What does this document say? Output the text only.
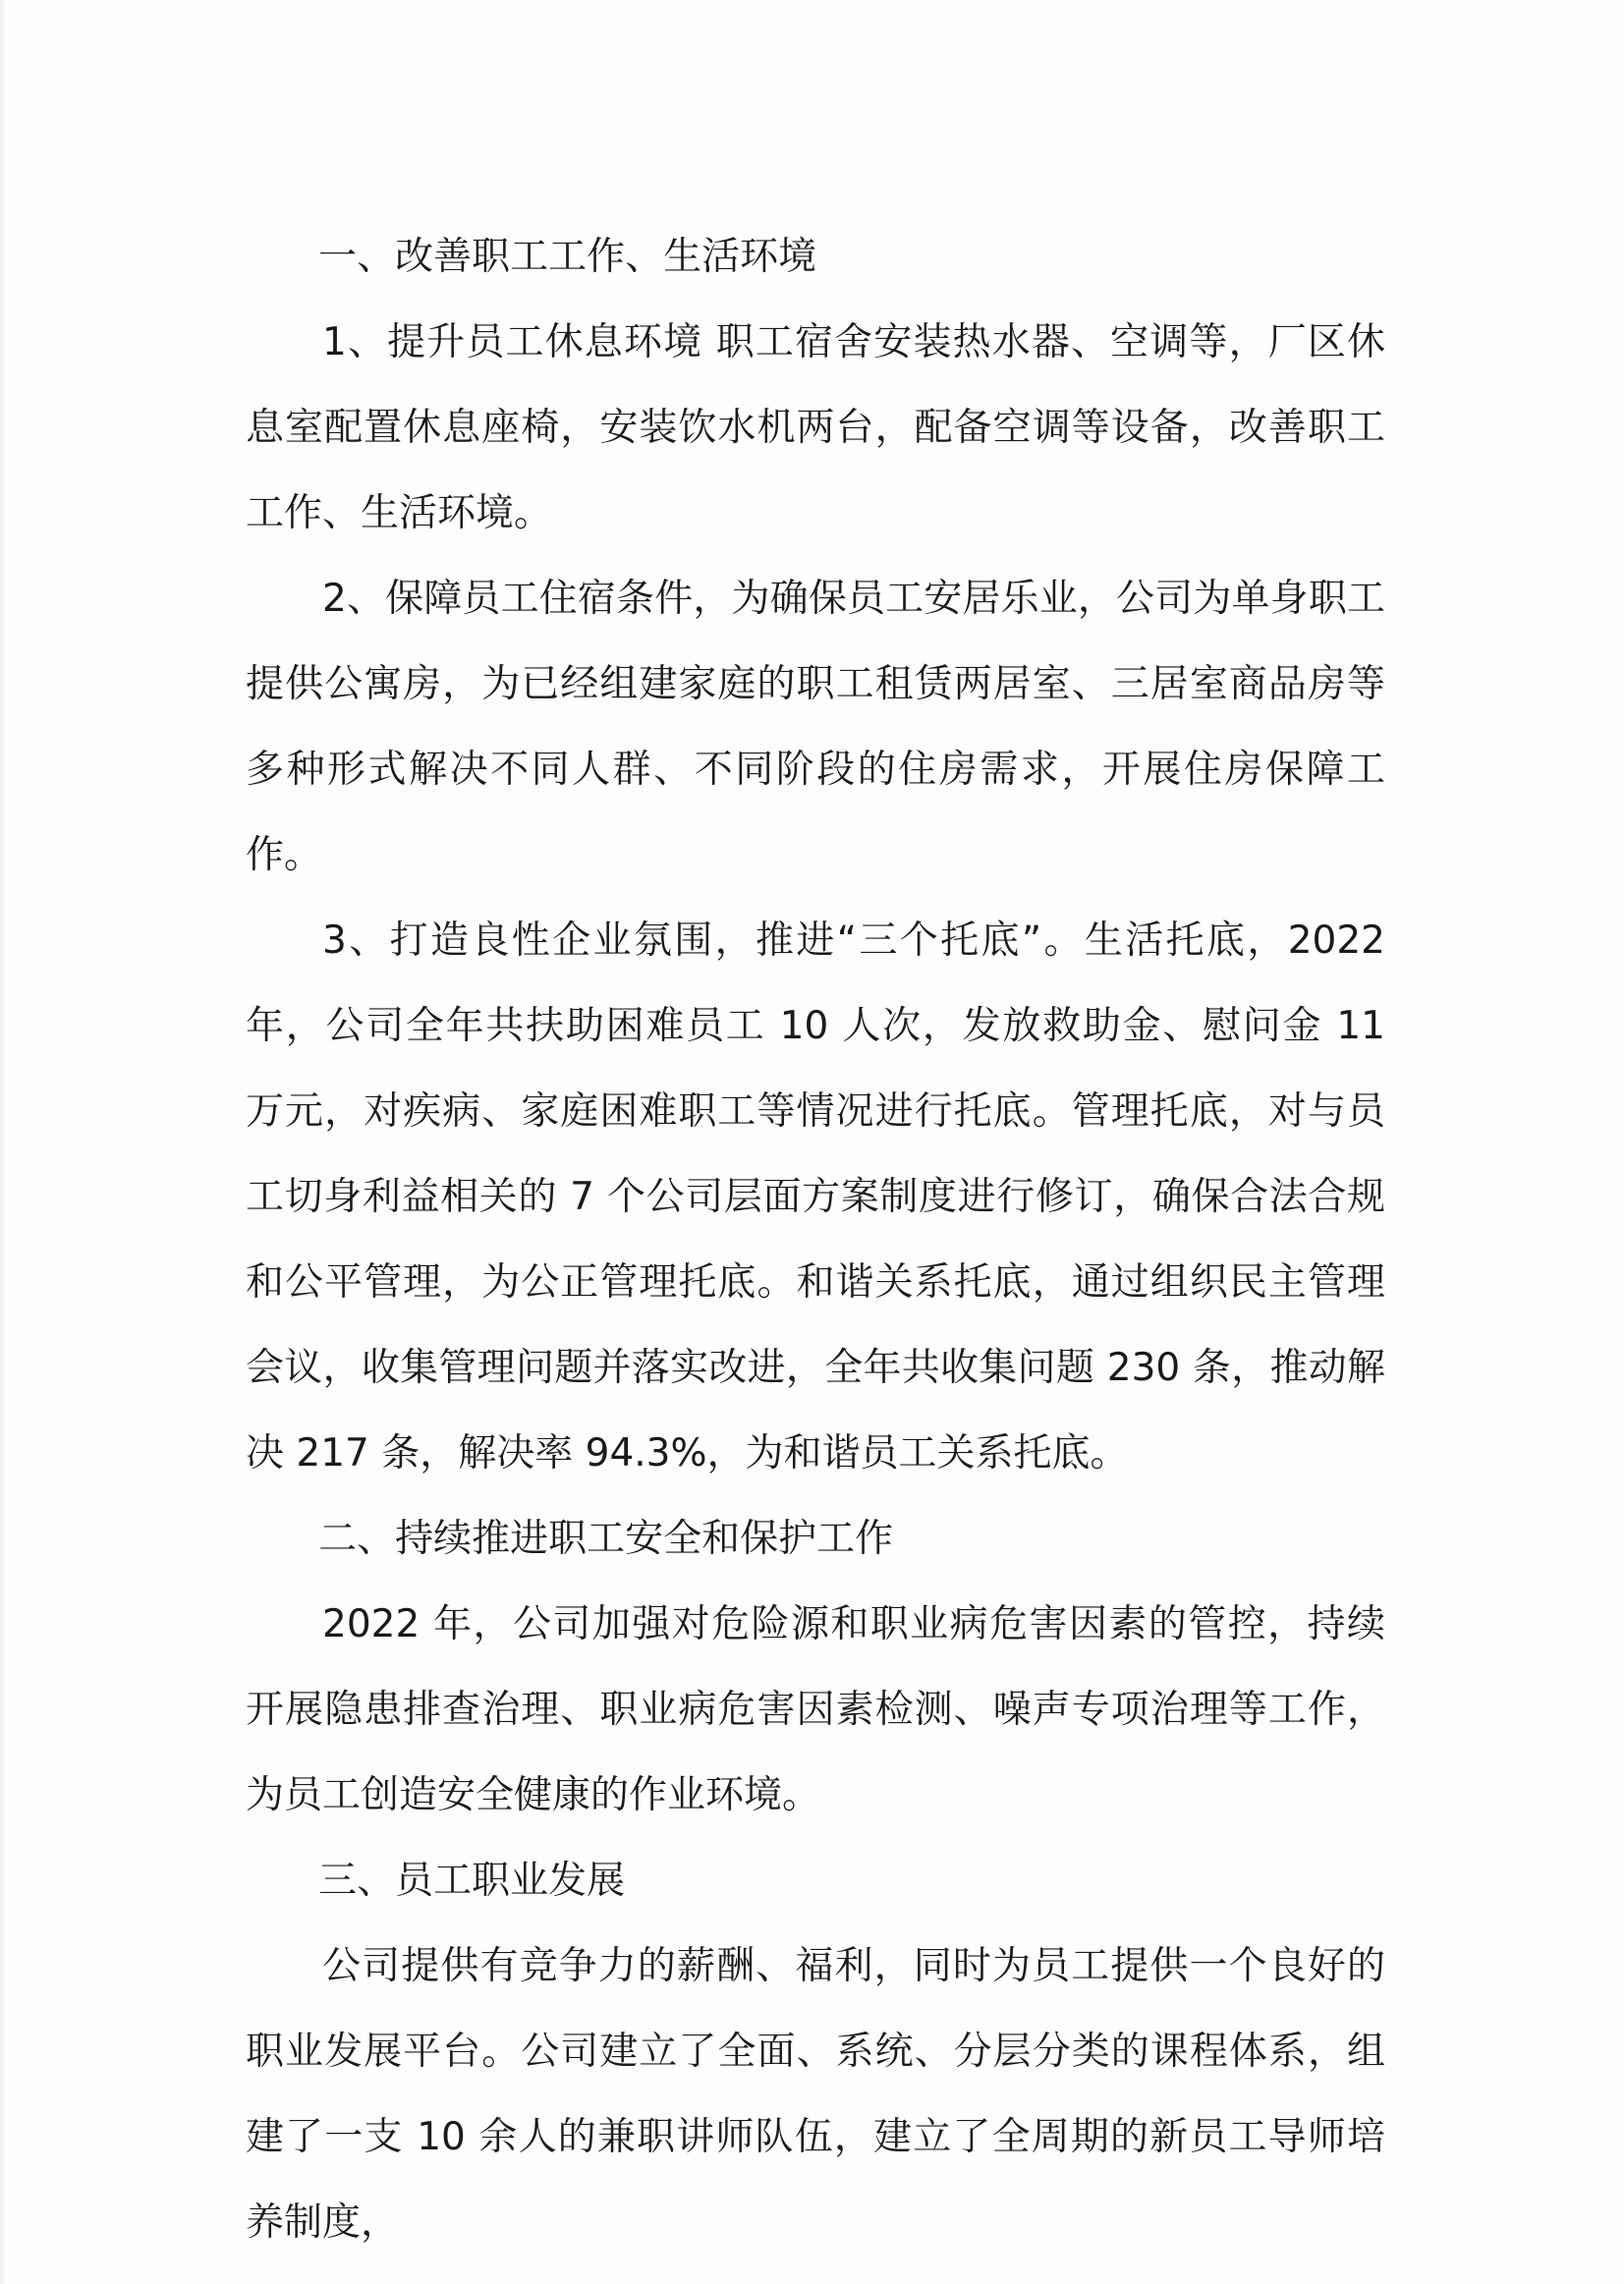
一、改善职工工作、生活环境

1、提升员工休息环境 职工宿舍安装热水器、空调等，厂区休息室配置休息座椅，安装饮水机两台，配备空调等设备，改善职工工作、生活环境。

2、保障员工住宿条件，为确保员工安居乐业，公司为单身职工提供公寓房，为已经组建家庭的职工租赁两居室、三居室商品房等多种形式解决不同人群、不同阶段的住房需求，开展住房保障工作。

3、打造良性企业氛围，推进“三个托底”。生活托底，2022 年，公司全年共扶助困难员工 10 人次，发放救助金、慰问金 11 万元，对疾病、家庭困难职工等情况进行托底。管理托底，对与员工切身利益相关的 7 个公司层面方案制度进行修订，确保合法合规和公平管理，为公正管理托底。和谐关系托底，通过组织民主管理会议，收集管理问题并落实改进，全年共收集问题 230 条，推动解决 217 条，解决率 94.3%，为和谐员工关系托底。

二、持续推进职工安全和保护工作

2022 年，公司加强对危险源和职业病危害因素的管控，持续开展隐患排查治理、职业病危害因素检测、噪声专项治理等工作，为员工创造安全健康的作业环境。

三、员工职业发展

公司提供有竞争力的薪酬、福利，同时为员工提供一个良好的职业发展平台。公司建立了全面、系统、分层分类的课程体系，组建了一支 10 余人的兼职讲师队伍，建立了全周期的新员工导师培养制度，
